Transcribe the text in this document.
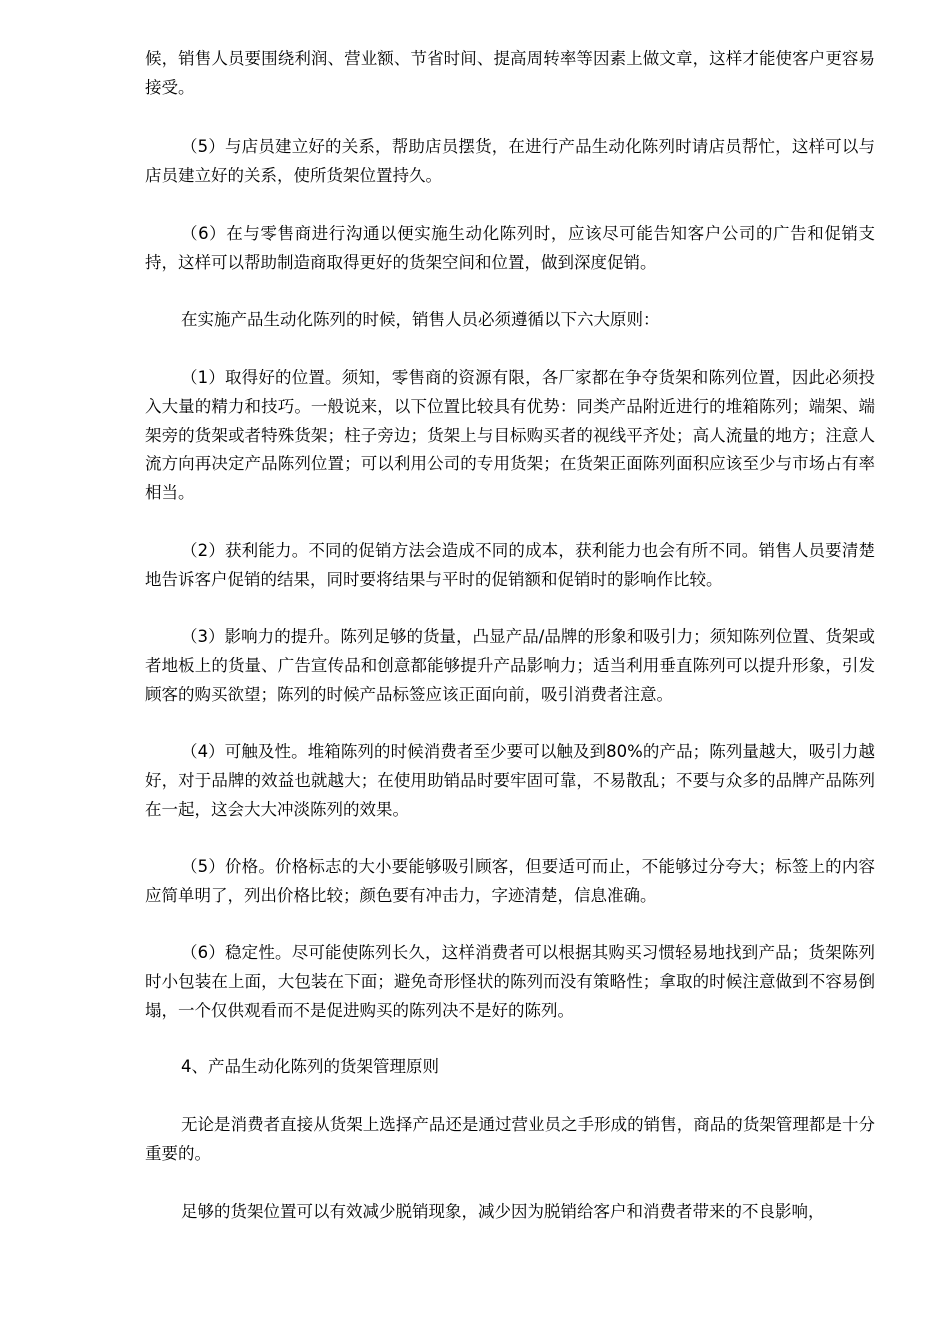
候，销售人员要围绕利润、营业额、节省时间、提高周转率等因素上做文章，这样才能使客户更容易接受。

（5）与店员建立好的关系，帮助店员摆货，在进行产品生动化陈列时请店员帮忙，这样可以与店员建立好的关系，使所货架位置持久。

（6）在与零售商进行沟通以便实施生动化陈列时，应该尽可能告知客户公司的广告和促销支持，这样可以帮助制造商取得更好的货架空间和位置，做到深度促销。

在实施产品生动化陈列的时候，销售人员必须遵循以下六大原则：

（1）取得好的位置。须知，零售商的资源有限，各厂家都在争夺货架和陈列位置，因此必须投入大量的精力和技巧。一般说来，以下位置比较具有优势：同类产品附近进行的堆箱陈列；端架、端架旁的货架或者特殊货架；柱子旁边；货架上与目标购买者的视线平齐处；高人流量的地方；注意人流方向再决定产品陈列位置；可以利用公司的专用货架；在货架正面陈列面积应该至少与市场占有率相当。

（2）获利能力。不同的促销方法会造成不同的成本，获利能力也会有所不同。销售人员要清楚地告诉客户促销的结果，同时要将结果与平时的促销额和促销时的影响作比较。

（3）影响力的提升。陈列足够的货量，凸显产品/品牌的形象和吸引力；须知陈列位置、货架或者地板上的货量、广告宣传品和创意都能够提升产品影响力；适当利用垂直陈列可以提升形象，引发顾客的购买欲望；陈列的时候产品标签应该正面向前，吸引消费者注意。

（4）可触及性。堆箱陈列的时候消费者至少要可以触及到80%的产品；陈列量越大，吸引力越好，对于品牌的效益也就越大；在使用助销品时要牢固可靠，不易散乱；不要与众多的品牌产品陈列在一起，这会大大冲淡陈列的效果。

（5）价格。价格标志的大小要能够吸引顾客，但要适可而止，不能够过分夸大；标签上的内容应简单明了，列出价格比较；颜色要有冲击力，字迹清楚，信息准确。

（6）稳定性。尽可能使陈列长久，这样消费者可以根据其购买习惯轻易地找到产品；货架陈列时小包装在上面，大包装在下面；避免奇形怪状的陈列而没有策略性；拿取的时候注意做到不容易倒塌，一个仅供观看而不是促进购买的陈列决不是好的陈列。

4、产品生动化陈列的货架管理原则

无论是消费者直接从货架上选择产品还是通过营业员之手形成的销售，商品的货架管理都是十分重要的。

足够的货架位置可以有效减少脱销现象，减少因为脱销给客户和消费者带来的不良影响，
